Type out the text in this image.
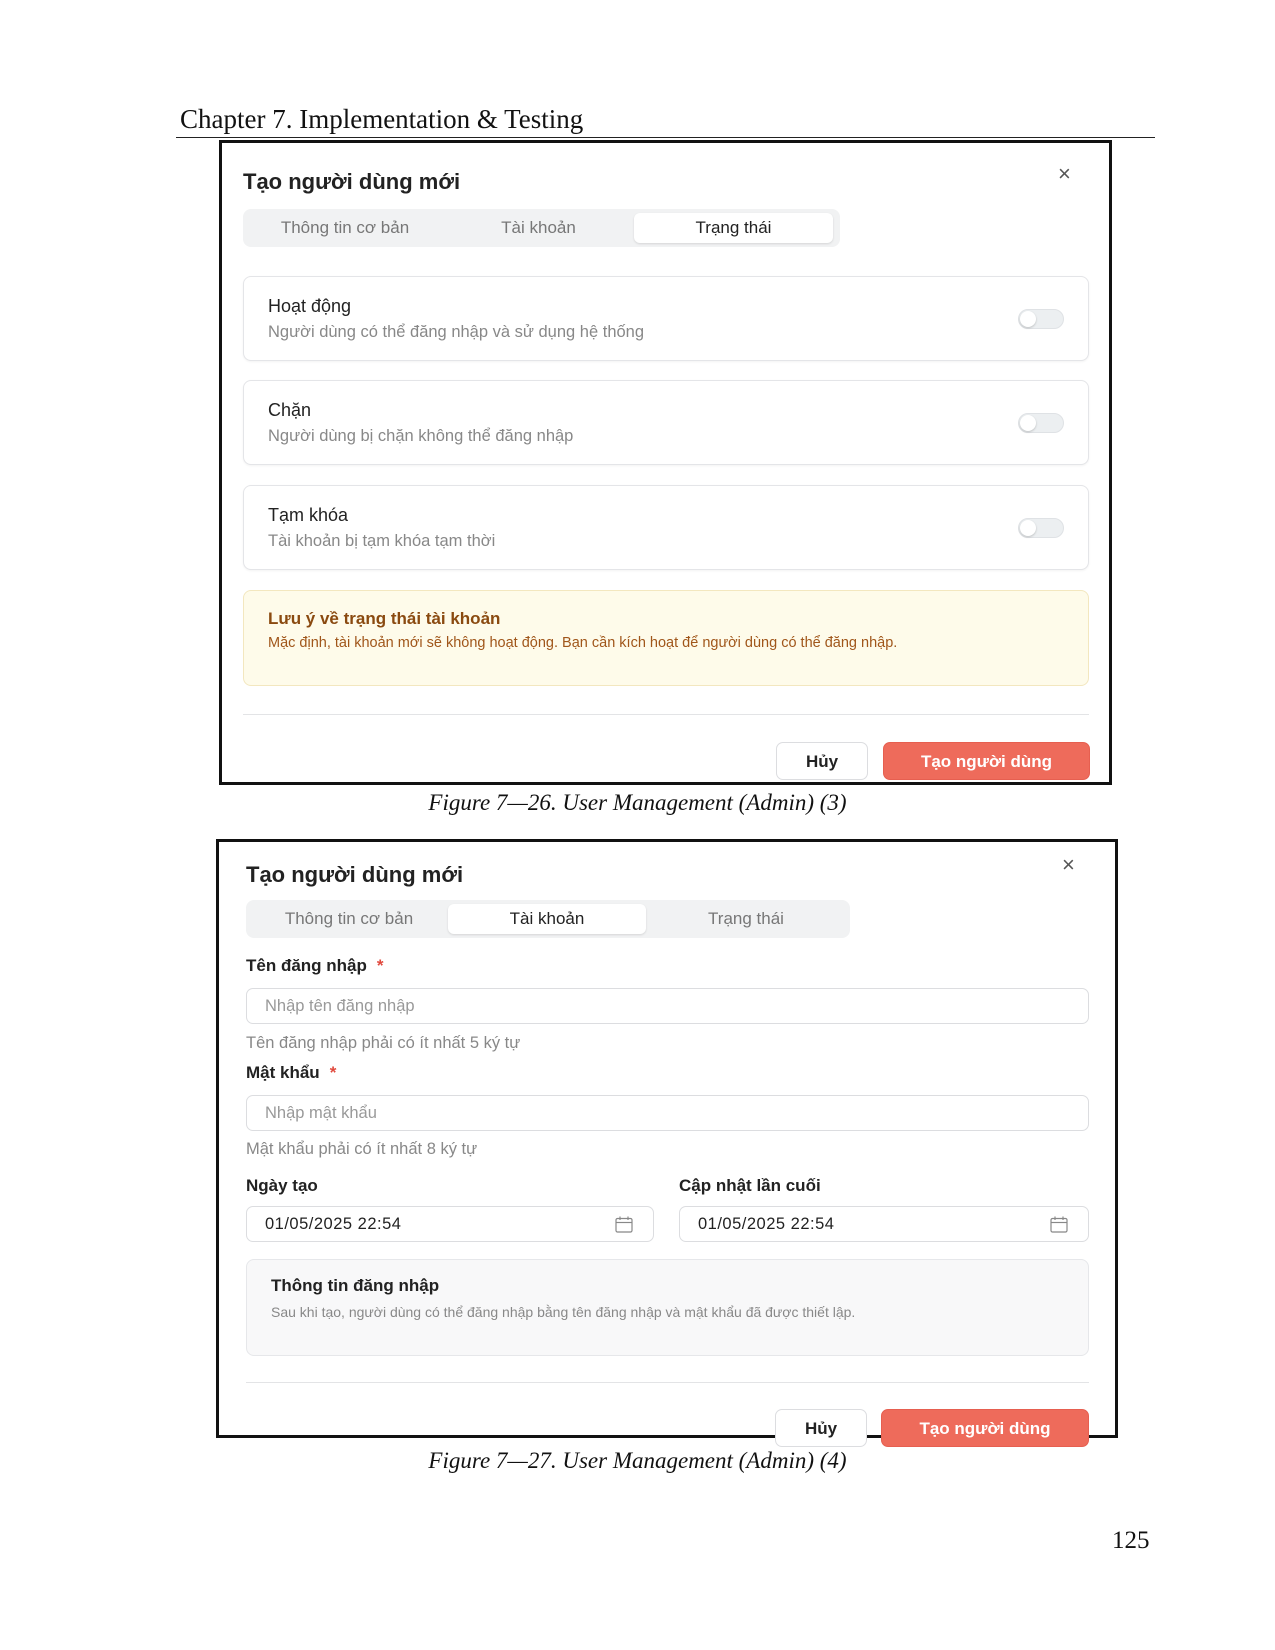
Chapter 7. Implementation & Testing
Tạo người dùng mới	×
Thông tin cơ bản	Tài khoản	Trạng thái
Hoạt động
Người dùng có thể đăng nhập và sử dụng hệ thống
Chặn
Người dùng bị chặn không thể đăng nhập
Tạm khóa
Tài khoản bị tạm khóa tạm thời
Lưu ý về trạng thái tài khoản
Mặc định, tài khoản mới sẽ không hoạt động. Bạn cần kích hoạt để người dùng có thể đăng nhập.
Hủy	Tạo người dùng
Figure 7—26. User Management (Admin) (3)
Tạo người dùng mới	×
Thông tin cơ bản	Tài khoản	Trạng thái
Tên đăng nhập *
Nhập tên đăng nhập
Tên đăng nhập phải có ít nhất 5 ký tự
Mật khẩu *
Mật khẩu phải có ít nhất 8 ký tự
Ngày tạo
01/05/2025 22:54
Cập nhật lần cuối
01/05/2025 22:54
Thông tin đăng nhập
Sau khi tạo, người dùng có thể đăng nhập bằng tên đăng nhập và mật khẩu đã được thiết lập.
Hủy	Tạo người dùng
Figure 7—27. User Management (Admin) (4)
125
